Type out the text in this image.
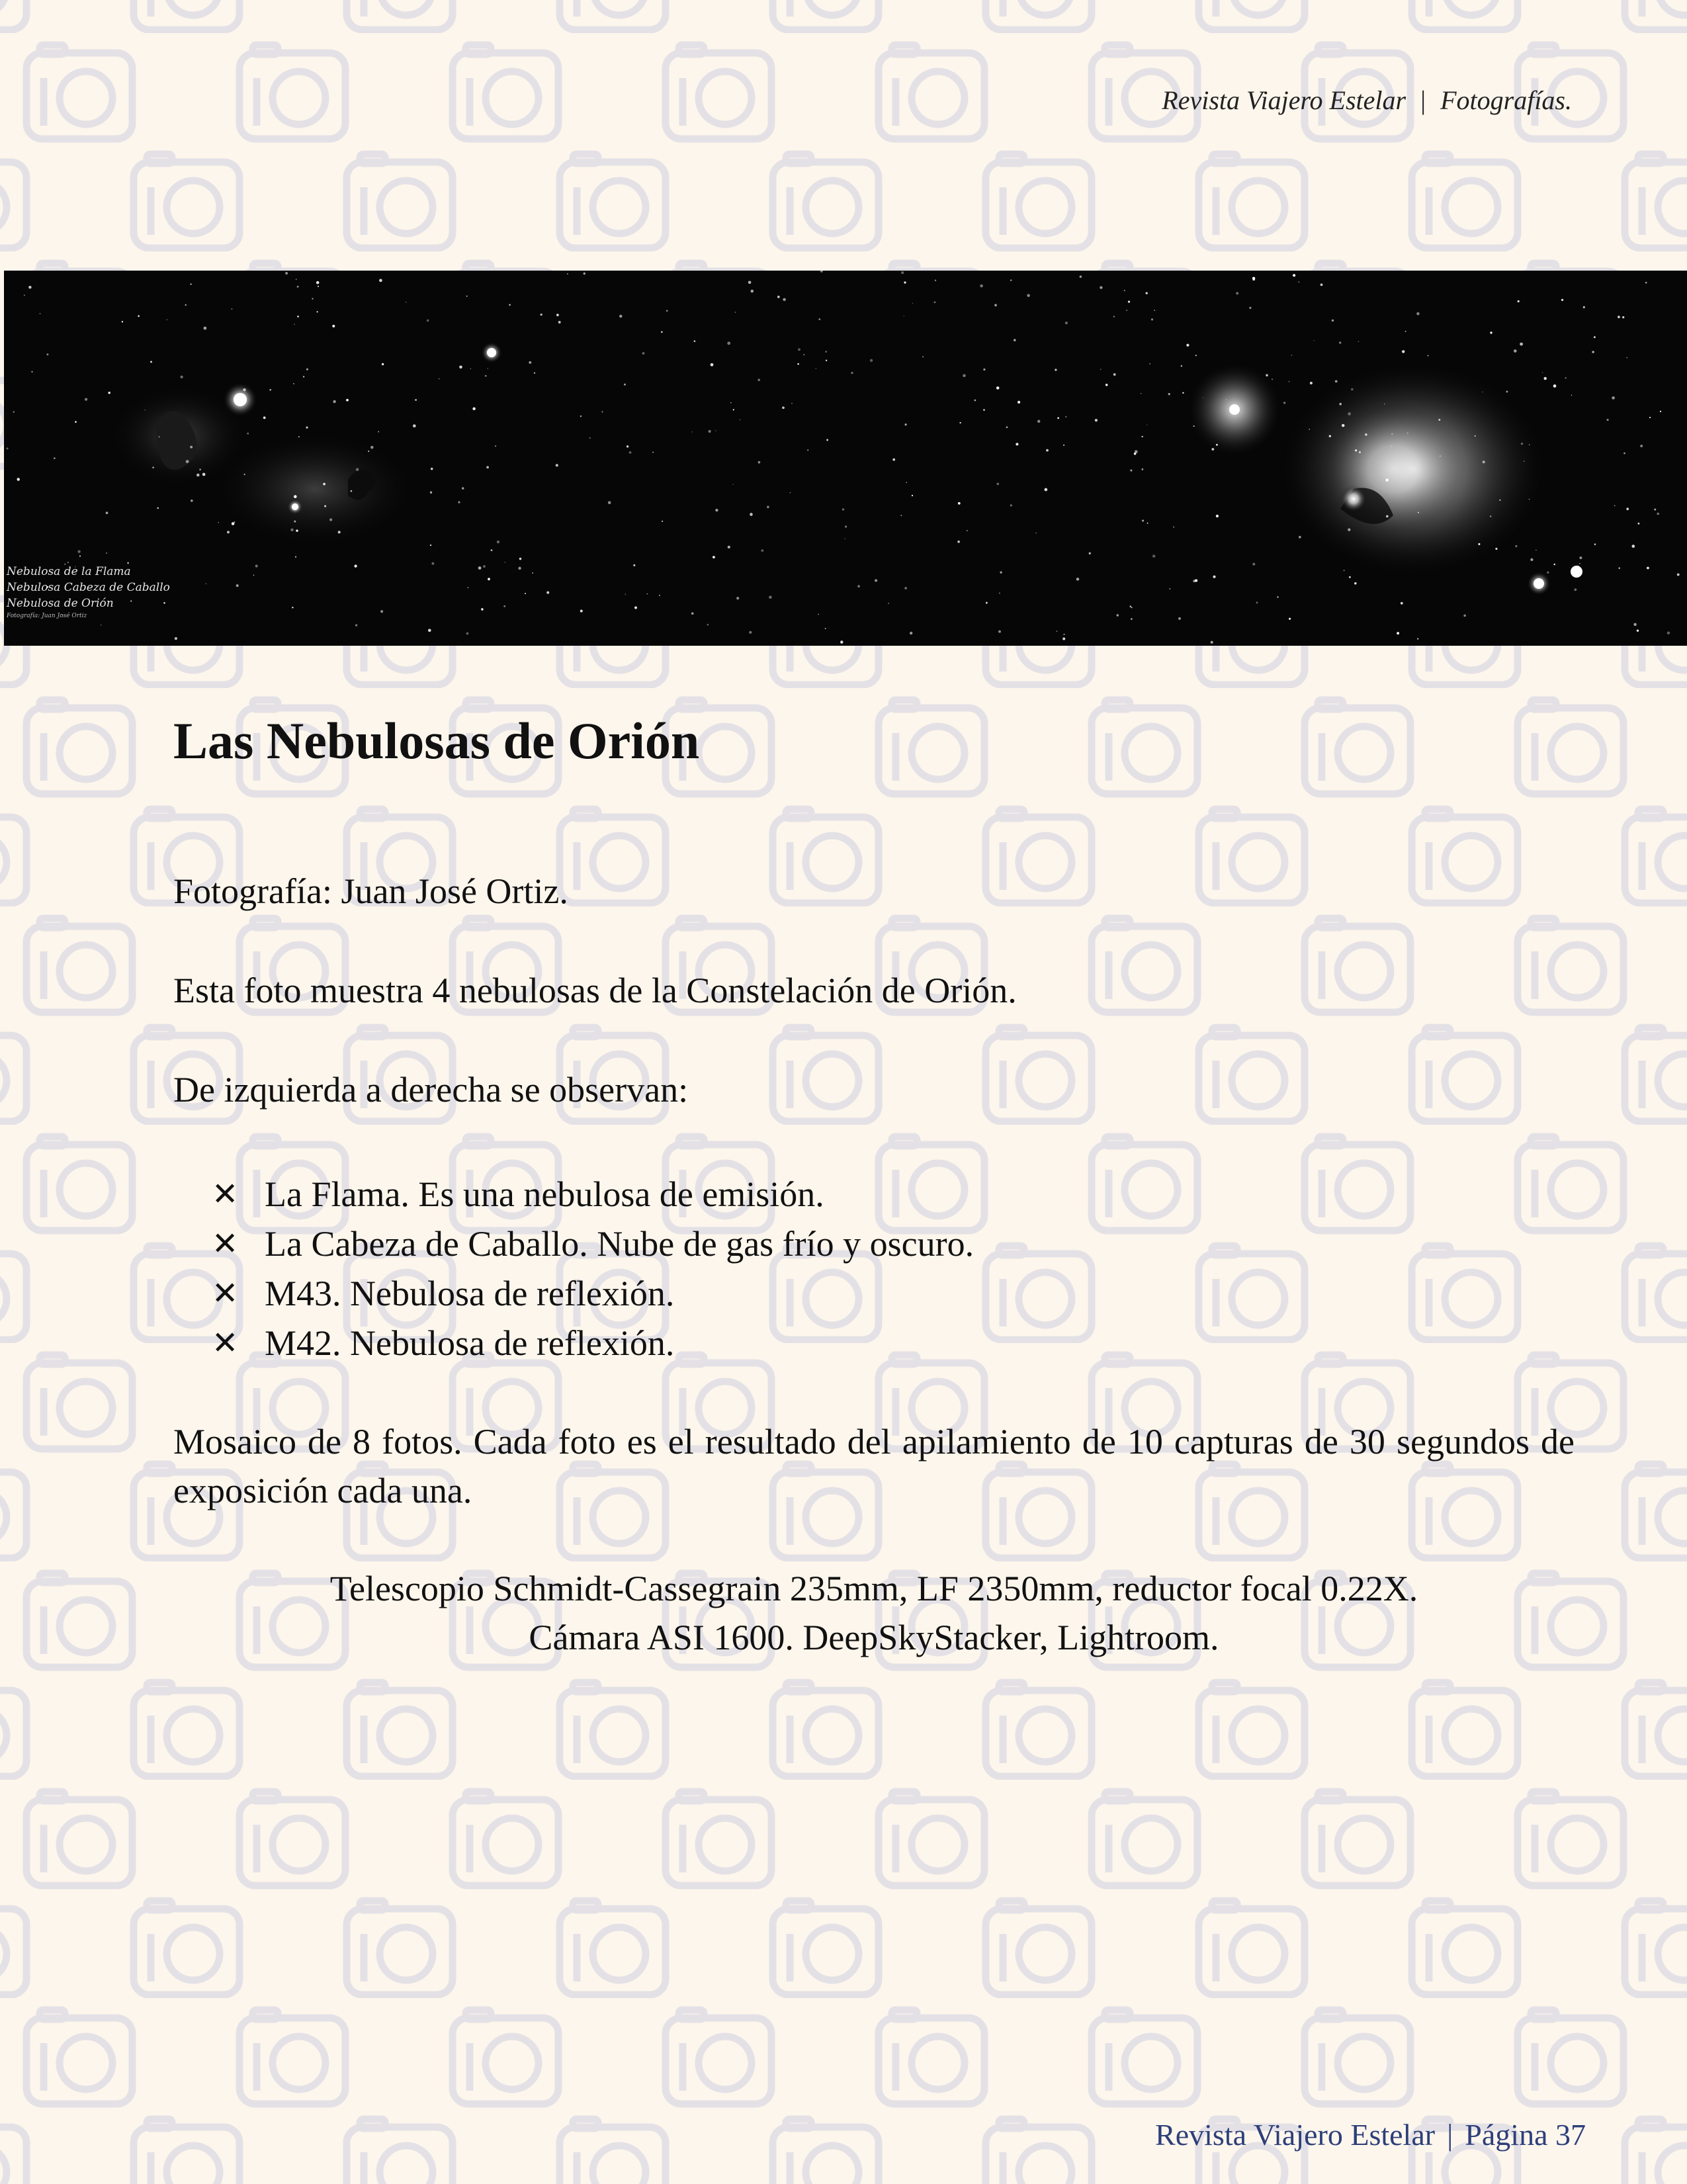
Revista Viajero Estelar | Fotografías.
Nebulosa de la Flama
Nebulosa Cabeza de Caballo
Nebulosa de Orión
Fotografía: Juan José Ortiz
Las Nebulosas de Orión

Fotografía: Juan José Ortiz.

Esta foto muestra 4 nebulosas de la Constelación de Orión.

De izquierda a derecha se observan:

✕ La Flama. Es una nebulosa de emisión.
✕ La Cabeza de Caballo. Nube de gas frío y oscuro.
✕ M43. Nebulosa de reflexión.
✕ M42. Nebulosa de reflexión.

Mosaico de 8 fotos. Cada foto es el resultado del apilamiento de 10 capturas de 30 segundos de exposición cada una.

Telescopio Schmidt-Cassegrain 235mm, LF 2350mm, reductor focal 0.22X.

Cámara ASI 1600. DeepSkyStacker, Lightroom.

Revista Viajero Estelar | Página 37
